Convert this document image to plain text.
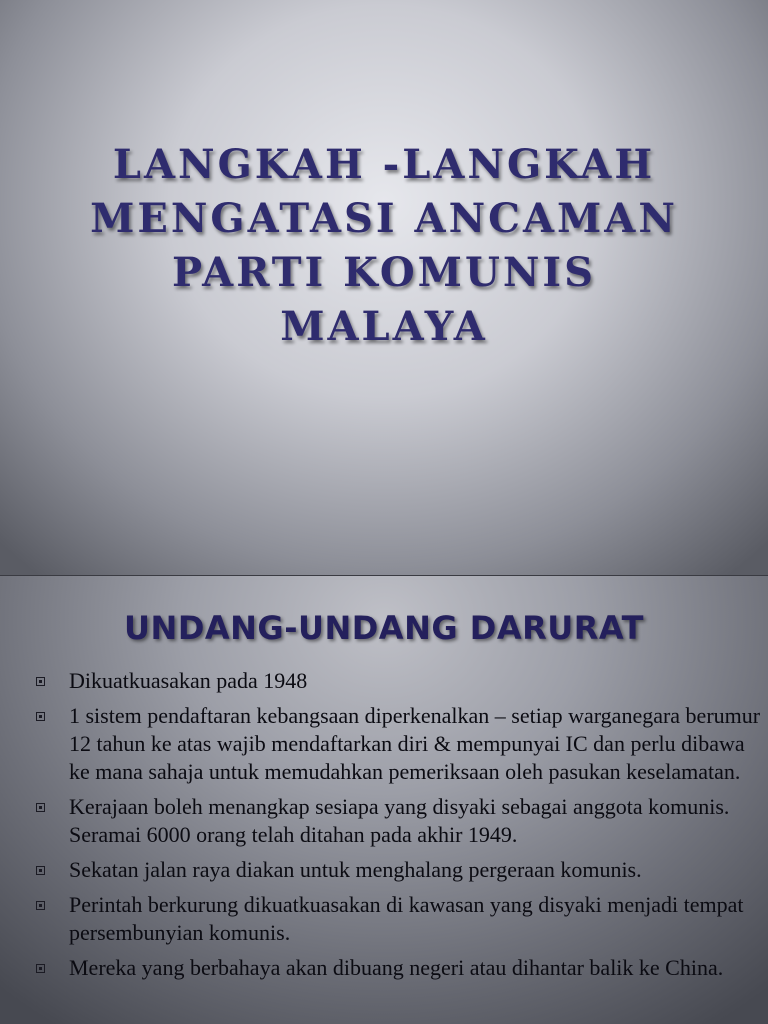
LANGKAH -LANGKAH
MENGATASI ANCAMAN
PARTI KOMUNIS
MALAYA
UNDANG-UNDANG DARURAT
Dikuatkuasakan pada 1948
1 sistem pendaftaran kebangsaan diperkenalkan – setiap warganegara berumur 12 tahun ke atas wajib mendaftarkan diri & mempunyai IC dan perlu dibawa ke mana sahaja untuk memudahkan pemeriksaan oleh pasukan keselamatan.
Kerajaan boleh menangkap sesiapa yang disyaki sebagai anggota komunis. Seramai 6000 orang telah ditahan pada akhir 1949.
Sekatan jalan raya diakan untuk menghalang pergeraan komunis.
Perintah berkurung dikuatkuasakan di kawasan yang disyaki menjadi tempat persembunyian komunis.
Mereka yang berbahaya akan dibuang negeri atau dihantar balik ke China.
